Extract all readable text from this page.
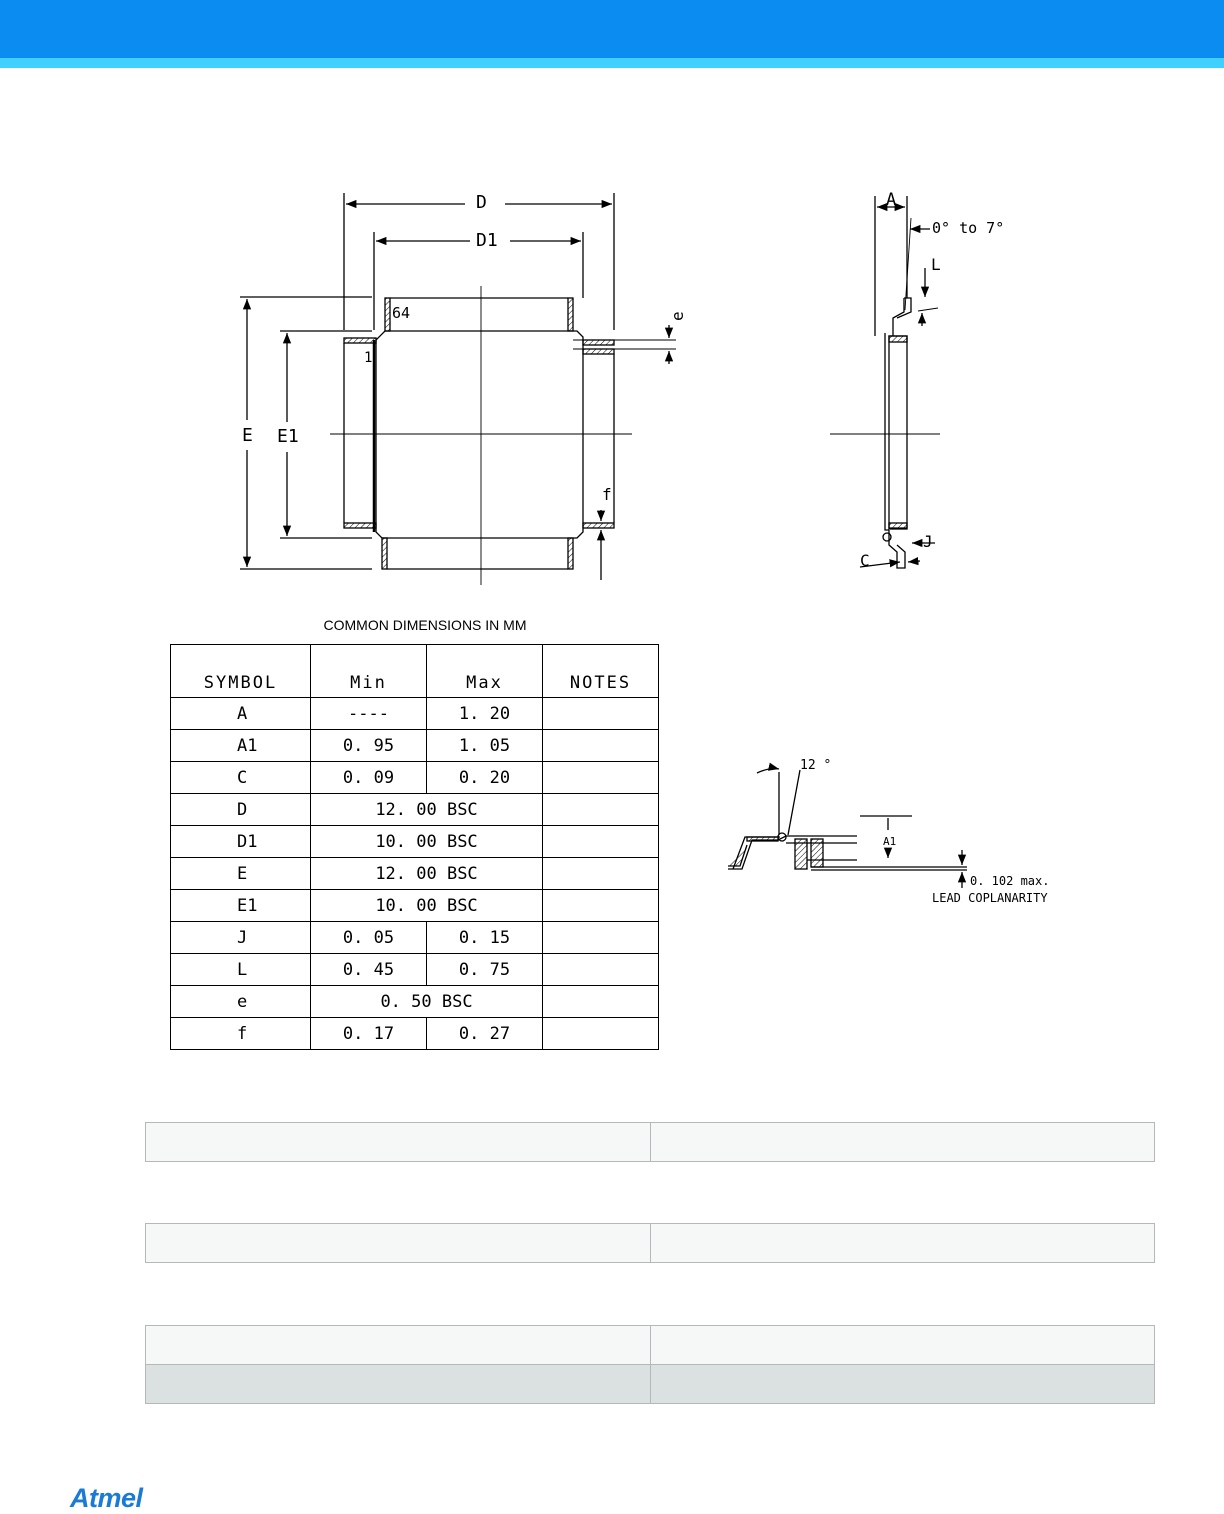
D
D1
E E1
64
1
e
f
A
0° to 7°
L
J
C
12 °
A1
0. 102 max.
LEAD COPLANARITY
COMMON DIMENSIONS IN MM
SYMBOL	Min	Max	NOTES
A	----	1. 20	
A1	0. 95	1. 05	
C	0. 09	0. 20	
D	12. 00 BSC		
D1	10. 00 BSC		
E	12. 00 BSC		
E1	10. 00 BSC		
J	0. 05	0. 15	
L	0. 45	0. 75	
e	0. 50 BSC		
f	0. 17	0. 27	

Atmel
